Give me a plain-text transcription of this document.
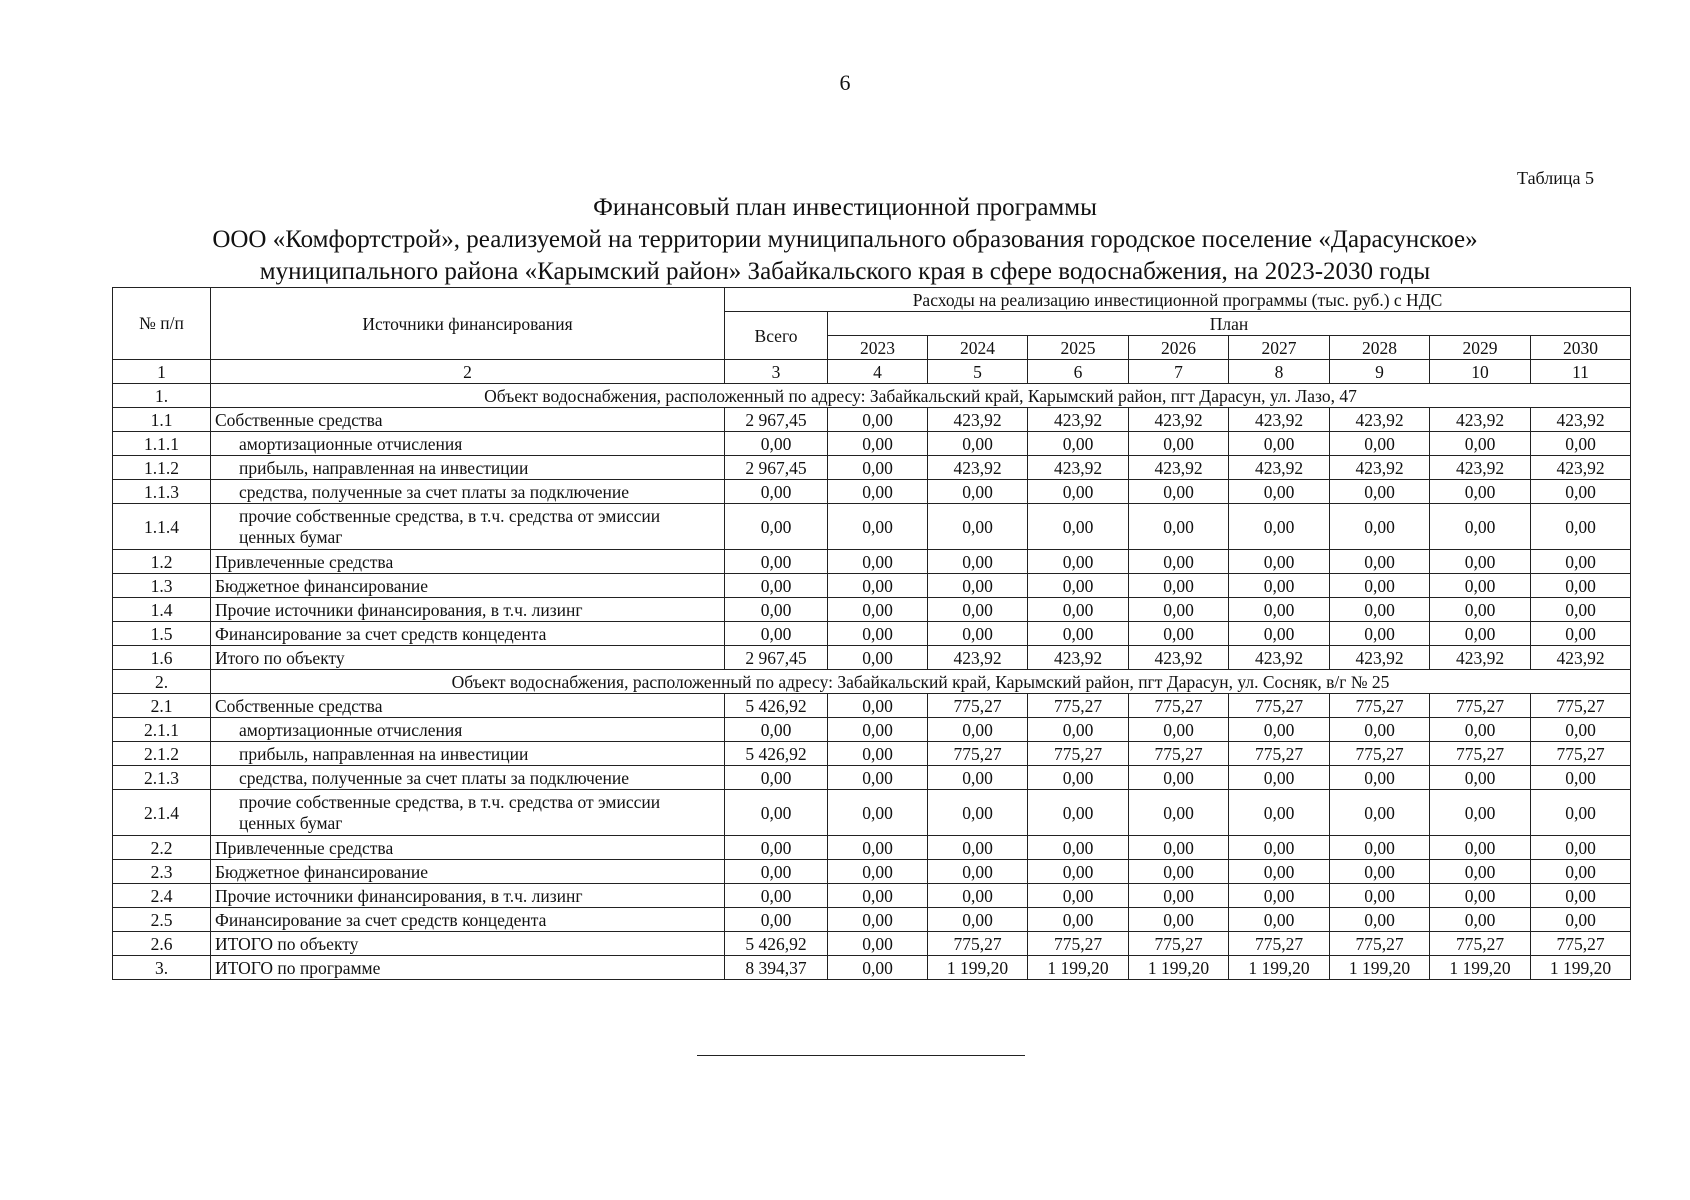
6
Таблица 5
Финансовый план инвестиционной программы
ООО «Комфортстрой», реализуемой на территории муниципального образования городское поселение «Дарасунское»
муниципального района «Карымский район» Забайкальского края в сфере водоснабжения, на 2023-2030 годы
№ п/п	Источники финансирования	Расходы на реализацию инвестиционной программы (тыс. руб.) с НДС								
		Всего	План							
			2023	2024	2025	2026	2027	2028	2029	2030
1	2	3	4	5	6	7	8	9	10	11
1.	Объект водоснабжения, расположенный по адресу: Забайкальский край, Карымский район, пгт Дарасун, ул. Лазо, 47									
1.1	Собственные средства	2 967,45	0,00	423,92	423,92	423,92	423,92	423,92	423,92	423,92
1.1.1	амортизационные отчисления	0,00	0,00	0,00	0,00	0,00	0,00	0,00	0,00	0,00
1.1.2	прибыль, направленная на инвестиции	2 967,45	0,00	423,92	423,92	423,92	423,92	423,92	423,92	423,92
1.1.3	средства, полученные за счет платы за подключение	0,00	0,00	0,00	0,00	0,00	0,00	0,00	0,00	0,00
1.1.4	прочие собственные средства, в т.ч. средства от эмиссии ценных бумаг	0,00	0,00	0,00	0,00	0,00	0,00	0,00	0,00	0,00
1.2	Привлеченные средства	0,00	0,00	0,00	0,00	0,00	0,00	0,00	0,00	0,00
1.3	Бюджетное финансирование	0,00	0,00	0,00	0,00	0,00	0,00	0,00	0,00	0,00
1.4	Прочие источники финансирования, в т.ч. лизинг	0,00	0,00	0,00	0,00	0,00	0,00	0,00	0,00	0,00
1.5	Финансирование за счет средств концедента	0,00	0,00	0,00	0,00	0,00	0,00	0,00	0,00	0,00
1.6	Итого по объекту	2 967,45	0,00	423,92	423,92	423,92	423,92	423,92	423,92	423,92
2.	Объект водоснабжения, расположенный по адресу: Забайкальский край, Карымский район, пгт Дарасун, ул. Сосняк, в/г № 25									
2.1	Собственные средства	5 426,92	0,00	775,27	775,27	775,27	775,27	775,27	775,27	775,27
2.1.1	амортизационные отчисления	0,00	0,00	0,00	0,00	0,00	0,00	0,00	0,00	0,00
2.1.2	прибыль, направленная на инвестиции	5 426,92	0,00	775,27	775,27	775,27	775,27	775,27	775,27	775,27
2.1.3	средства, полученные за счет платы за подключение	0,00	0,00	0,00	0,00	0,00	0,00	0,00	0,00	0,00
2.1.4	прочие собственные средства, в т.ч. средства от эмиссии ценных бумаг	0,00	0,00	0,00	0,00	0,00	0,00	0,00	0,00	0,00
2.2	Привлеченные средства	0,00	0,00	0,00	0,00	0,00	0,00	0,00	0,00	0,00
2.3	Бюджетное финансирование	0,00	0,00	0,00	0,00	0,00	0,00	0,00	0,00	0,00
2.4	Прочие источники финансирования, в т.ч. лизинг	0,00	0,00	0,00	0,00	0,00	0,00	0,00	0,00	0,00
2.5	Финансирование за счет средств концедента	0,00	0,00	0,00	0,00	0,00	0,00	0,00	0,00	0,00
2.6	ИТОГО по объекту	5 426,92	0,00	775,27	775,27	775,27	775,27	775,27	775,27	775,27
3.	ИТОГО по программе	8 394,37	0,00	1 199,20	1 199,20	1 199,20	1 199,20	1 199,20	1 199,20	1 199,20
